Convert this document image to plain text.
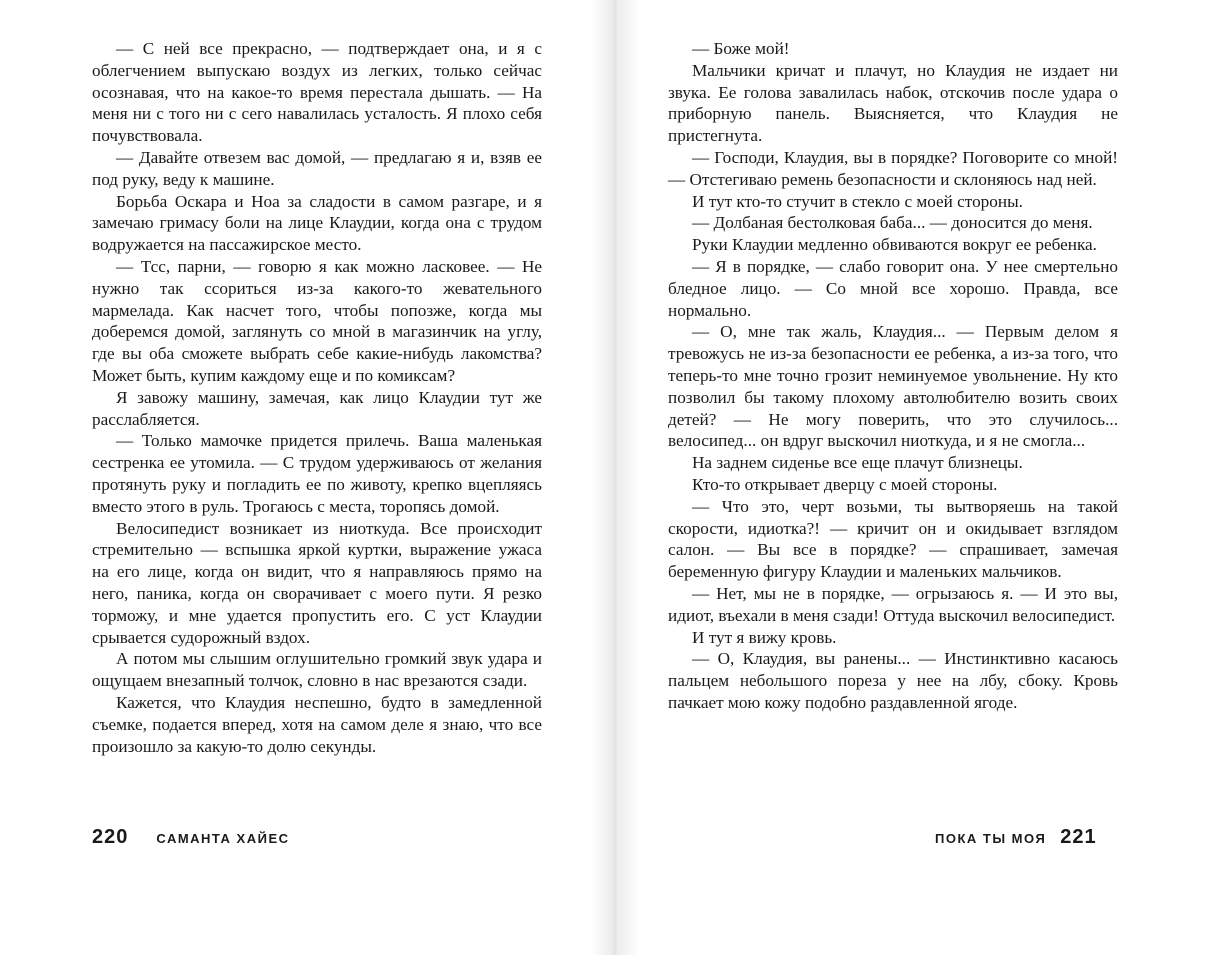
— С ней все прекрасно, — подтверждает она, и я с облегчением выпускаю воздух из легких, только сейчас осознавая, что на какое-то время перестала дышать. — На меня ни с того ни с сего навалилась усталость. Я плохо себя почувствовала.

— Давайте отвезем вас домой, — предлагаю я и, взяв ее под руку, веду к машине.

Борьба Оскара и Ноа за сладости в самом разгаре, и я замечаю гримасу боли на лице Клаудии, когда она с трудом водружается на пассажирское место.

— Тсс, парни, — говорю я как можно ласковее. — Не нужно так ссориться из-за какого-то жевательного мармелада. Как насчет того, чтобы попозже, когда мы доберемся домой, заглянуть со мной в магазинчик на углу, где вы оба сможете выбрать себе какие-нибудь лакомства? Может быть, купим каждому еще и по комиксам?

Я завожу машину, замечая, как лицо Клаудии тут же расслабляется.

— Только мамочке придется прилечь. Ваша маленькая сестренка ее утомила. — С трудом удерживаюсь от желания протянуть руку и погладить ее по животу, крепко вцепляясь вместо этого в руль. Трогаюсь с места, торопясь домой.

Велосипедист возникает из ниоткуда. Все происходит стремительно — вспышка яркой куртки, выражение ужаса на его лице, когда он видит, что я направляюсь прямо на него, паника, когда он сворачивает с моего пути. Я резко торможу, и мне удается пропустить его. С уст Клаудии срывается судорожный вздох.

А потом мы слышим оглушительно громкий звук удара и ощущаем внезапный толчок, словно в нас врезаются сзади.

Кажется, что Клаудия неспешно, будто в замедленной съемке, подается вперед, хотя на самом деле я знаю, что все произошло за какую-то долю секунды.

220 САМАНТА ХАЙЕС

— Боже мой!

Мальчики кричат и плачут, но Клаудия не издает ни звука. Ее голова завалилась набок, отскочив после удара о приборную панель. Выясняется, что Клаудия не пристегнута.

— Господи, Клаудия, вы в порядке? Поговорите со мной! — Отстегиваю ремень безопасности и склоняюсь над ней.

И тут кто-то стучит в стекло с моей стороны.

— Долбаная бестолковая баба... — доносится до меня.

Руки Клаудии медленно обвиваются вокруг ее ребенка.

— Я в порядке, — слабо говорит она. У нее смертельно бледное лицо. — Со мной все хорошо. Правда, все нормально.

— О, мне так жаль, Клаудия... — Первым делом я тревожусь не из-за безопасности ее ребенка, а из-за того, что теперь-то мне точно грозит неминуемое увольнение. Ну кто позволил бы такому плохому автолюбителю возить своих детей? — Не могу поверить, что это случилось... велосипед... он вдруг выскочил ниоткуда, и я не смогла...

На заднем сиденье все еще плачут близнецы.

Кто-то открывает дверцу с моей стороны.

— Что это, черт возьми, ты вытворяешь на такой скорости, идиотка?! — кричит он и окидывает взглядом салон. — Вы все в порядке? — спрашивает, замечая беременную фигуру Клаудии и маленьких мальчиков.

— Нет, мы не в порядке, — огрызаюсь я. — И это вы, идиот, въехали в меня сзади! Оттуда выскочил велосипедист.

И тут я вижу кровь.

— О, Клаудия, вы ранены... — Инстинктивно касаюсь пальцем небольшого пореза у нее на лбу, сбоку. Кровь пачкает мою кожу подобно раздавленной ягоде.

ПОКА ТЫ МОЯ 221
